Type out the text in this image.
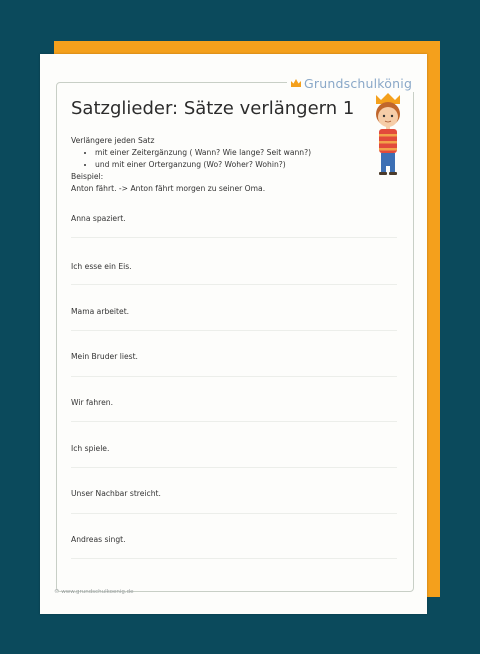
Grundschulkönig
Satzglieder: Sätze verlängern 1
Verlängere jeden Satz
• mit einer Zeitergänzung ( Wann? Wie lange? Seit wann?)
• und mit einer Orterganzung (Wo? Woher? Wohin?)
Beispiel:
Anton fährt. -> Anton fährt morgen zu seiner Oma.
Anna spaziert.
Ich esse ein Eis.
Mama arbeitet.
Mein Bruder liest.
Wir fahren.
Ich spiele.
Unser Nachbar streicht.
Andreas singt.
© www.grundschulkoenig.de
